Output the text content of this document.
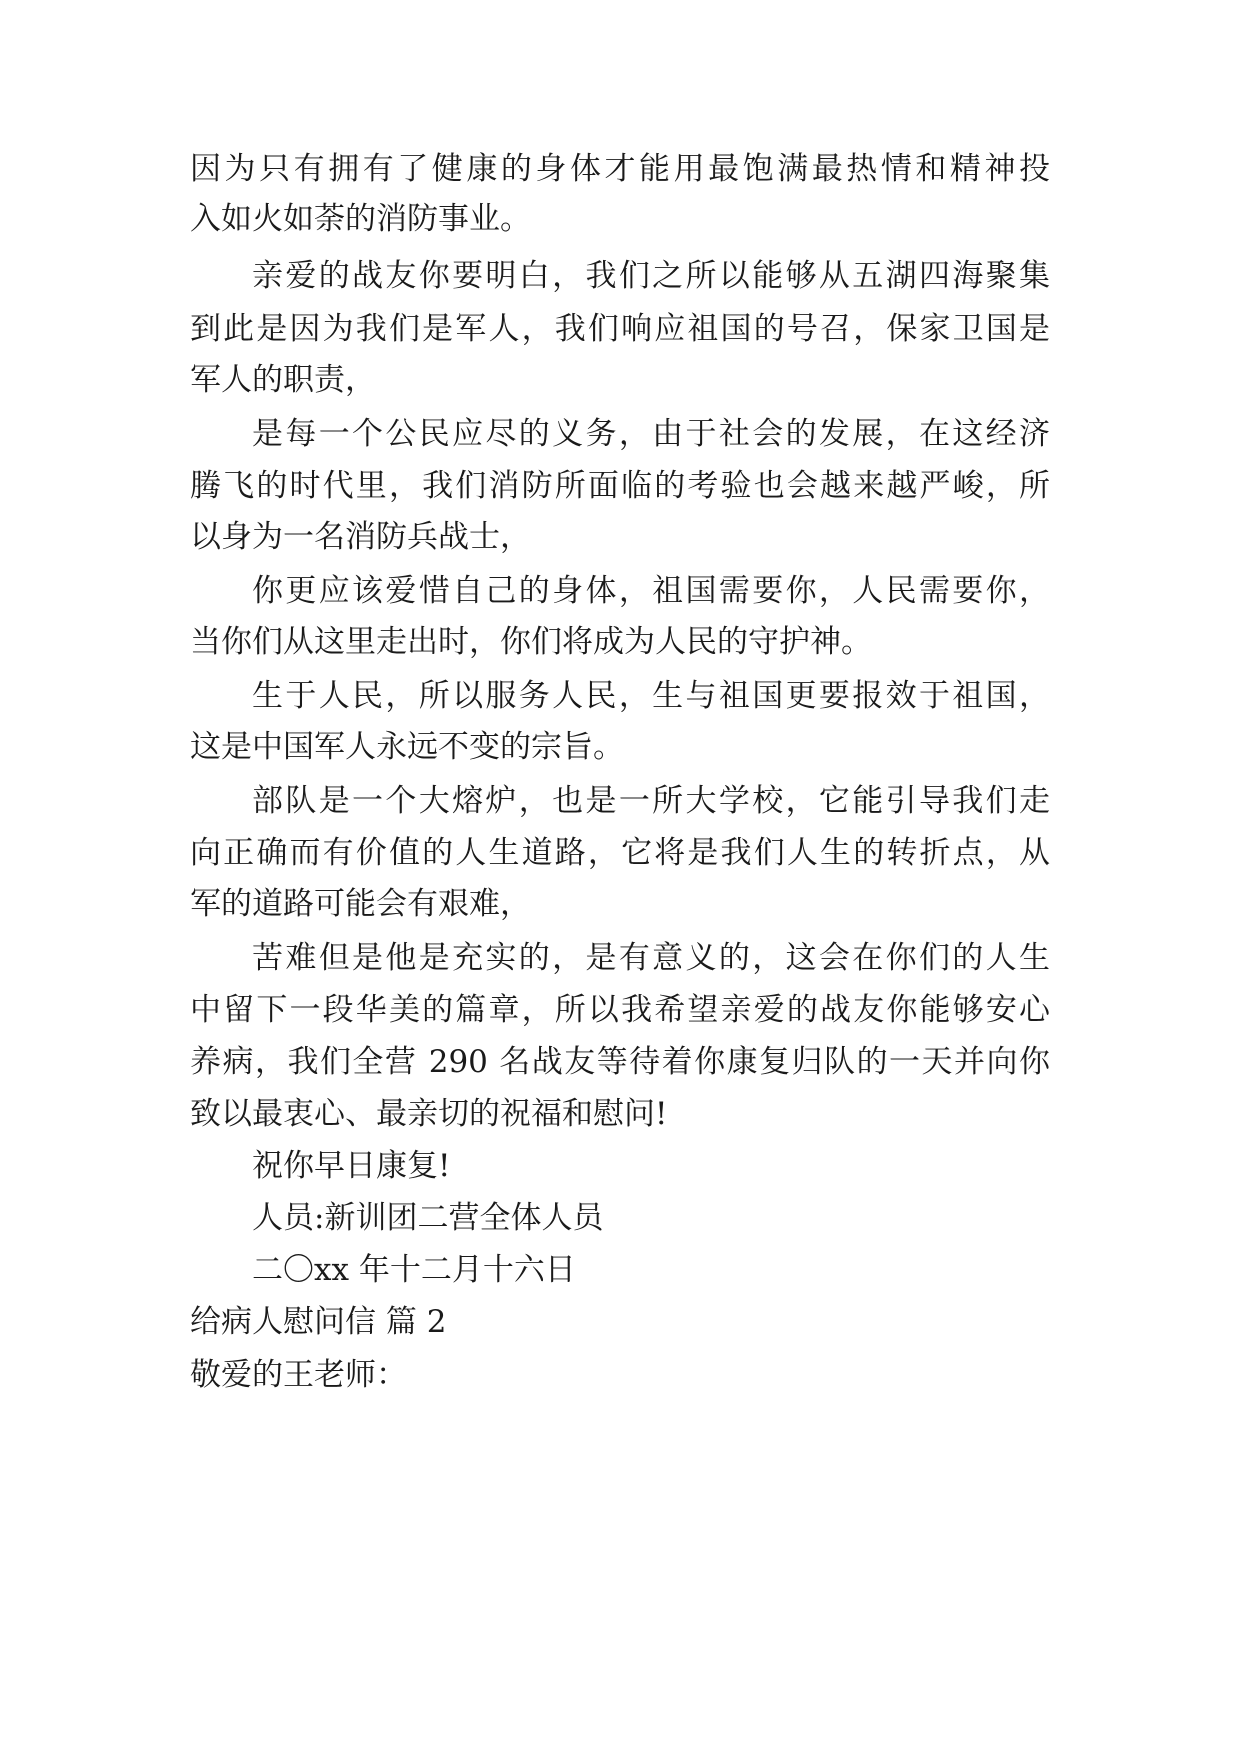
因为只有拥有了健康的身体才能用最饱满最热情和精神投
入如火如荼的消防事业。
亲爱的战友你要明白，我们之所以能够从五湖四海聚集
到此是因为我们是军人，我们响应祖国的号召，保家卫国是
军人的职责，
是每一个公民应尽的义务，由于社会的发展，在这经济
腾飞的时代里，我们消防所面临的考验也会越来越严峻，所
以身为一名消防兵战士，
你更应该爱惜自己的身体，祖国需要你，人民需要你，
当你们从这里走出时，你们将成为人民的守护神。
生于人民，所以服务人民，生与祖国更要报效于祖国，
这是中国军人永远不变的宗旨。
部队是一个大熔炉，也是一所大学校，它能引导我们走
向正确而有价值的人生道路，它将是我们人生的转折点，从
军的道路可能会有艰难，
苦难但是他是充实的，是有意义的，这会在你们的人生
中留下一段华美的篇章，所以我希望亲爱的战友你能够安心
养病，我们全营 290 名战友等待着你康复归队的一天并向你
致以最衷心、最亲切的祝福和慰问!
祝你早日康复!
人员:新训团二营全体人员
二〇xx 年十二月十六日
给病人慰问信 篇 2
敬爱的王老师：
